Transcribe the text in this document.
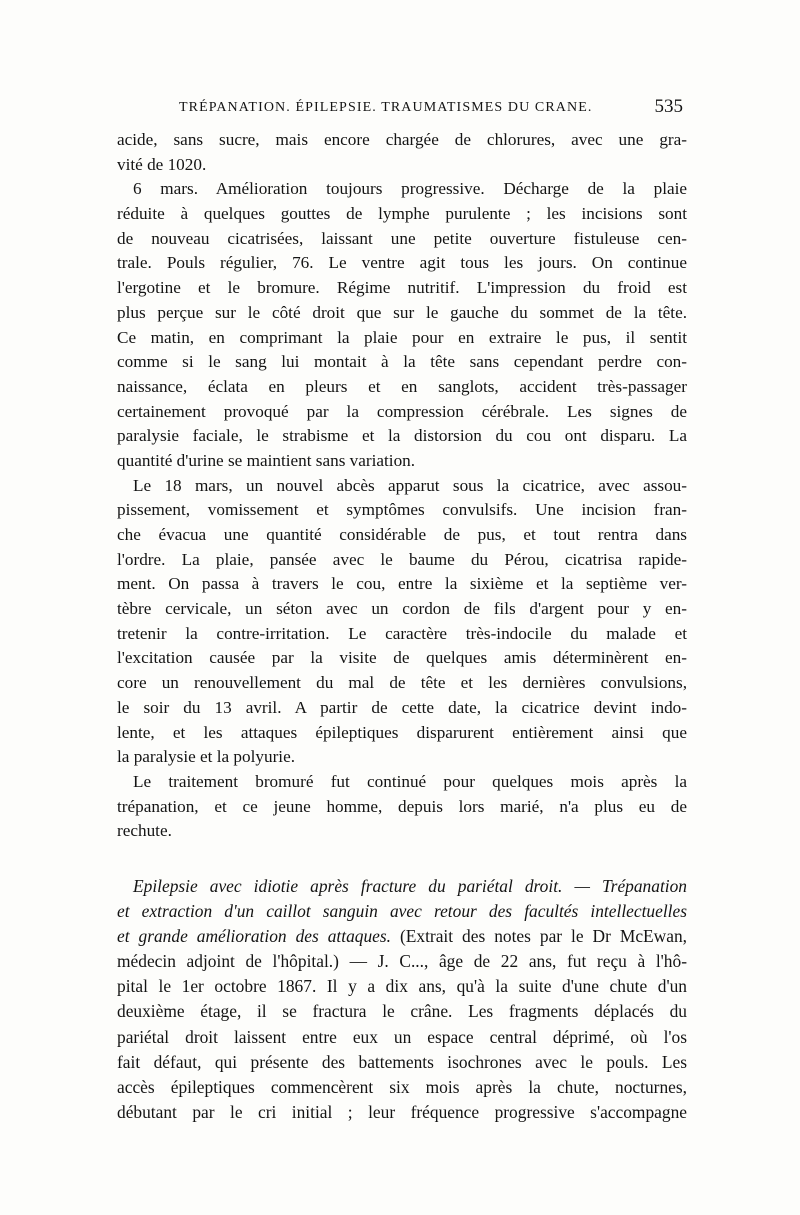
TRÉPANATION. ÉPILEPSIE. TRAUMATISMES DU CRANE.	535
acide, sans sucre, mais encore chargée de chlorures, avec une gra-
vité de 1020.
6 mars. Amélioration toujours progressive. Décharge de la plaie
réduite à quelques gouttes de lymphe purulente ; les incisions sont
de nouveau cicatrisées, laissant une petite ouverture fistuleuse cen-
trale. Pouls régulier, 76. Le ventre agit tous les jours. On continue
l'ergotine et le bromure. Régime nutritif. L'impression du froid est
plus perçue sur le côté droit que sur le gauche du sommet de la tête.
Ce matin, en comprimant la plaie pour en extraire le pus, il sentit
comme si le sang lui montait à la tête sans cependant perdre con-
naissance, éclata en pleurs et en sanglots, accident très-passager
certainement provoqué par la compression cérébrale. Les signes de
paralysie faciale, le strabisme et la distorsion du cou ont disparu. La
quantité d'urine se maintient sans variation.
Le 18 mars, un nouvel abcès apparut sous la cicatrice, avec assou-
pissement, vomissement et symptômes convulsifs. Une incision fran-
che évacua une quantité considérable de pus, et tout rentra dans
l'ordre. La plaie, pansée avec le baume du Pérou, cicatrisa rapide-
ment. On passa à travers le cou, entre la sixième et la septième ver-
tèbre cervicale, un séton avec un cordon de fils d'argent pour y en-
tretenir la contre-irritation. Le caractère très-indocile du malade et
l'excitation causée par la visite de quelques amis déterminèrent en-
core un renouvellement du mal de tête et les dernières convulsions,
le soir du 13 avril. A partir de cette date, la cicatrice devint indo-
lente, et les attaques épileptiques disparurent entièrement ainsi que
la paralysie et la polyurie.
Le traitement bromuré fut continué pour quelques mois après la
trépanation, et ce jeune homme, depuis lors marié, n'a plus eu de
rechute.
Epilepsie avec idiotie après fracture du pariétal droit. — Trépanation
et extraction d'un caillot sanguin avec retour des facultés intellectuelles
et grande amélioration des attaques. (Extrait des notes par le Dr McEwan,
médecin adjoint de l'hôpital.) — J. C..., âge de 22 ans, fut reçu à l'hô-
pital le 1er octobre 1867. Il y a dix ans, qu'à la suite d'une chute d'un
deuxième étage, il se fractura le crâne. Les fragments déplacés du
pariétal droit laissent entre eux un espace central déprimé, où l'os
fait défaut, qui présente des battements isochrones avec le pouls. Les
accès épileptiques commencèrent six mois après la chute, nocturnes,
débutant par le cri initial ; leur fréquence progressive s'accompagne
